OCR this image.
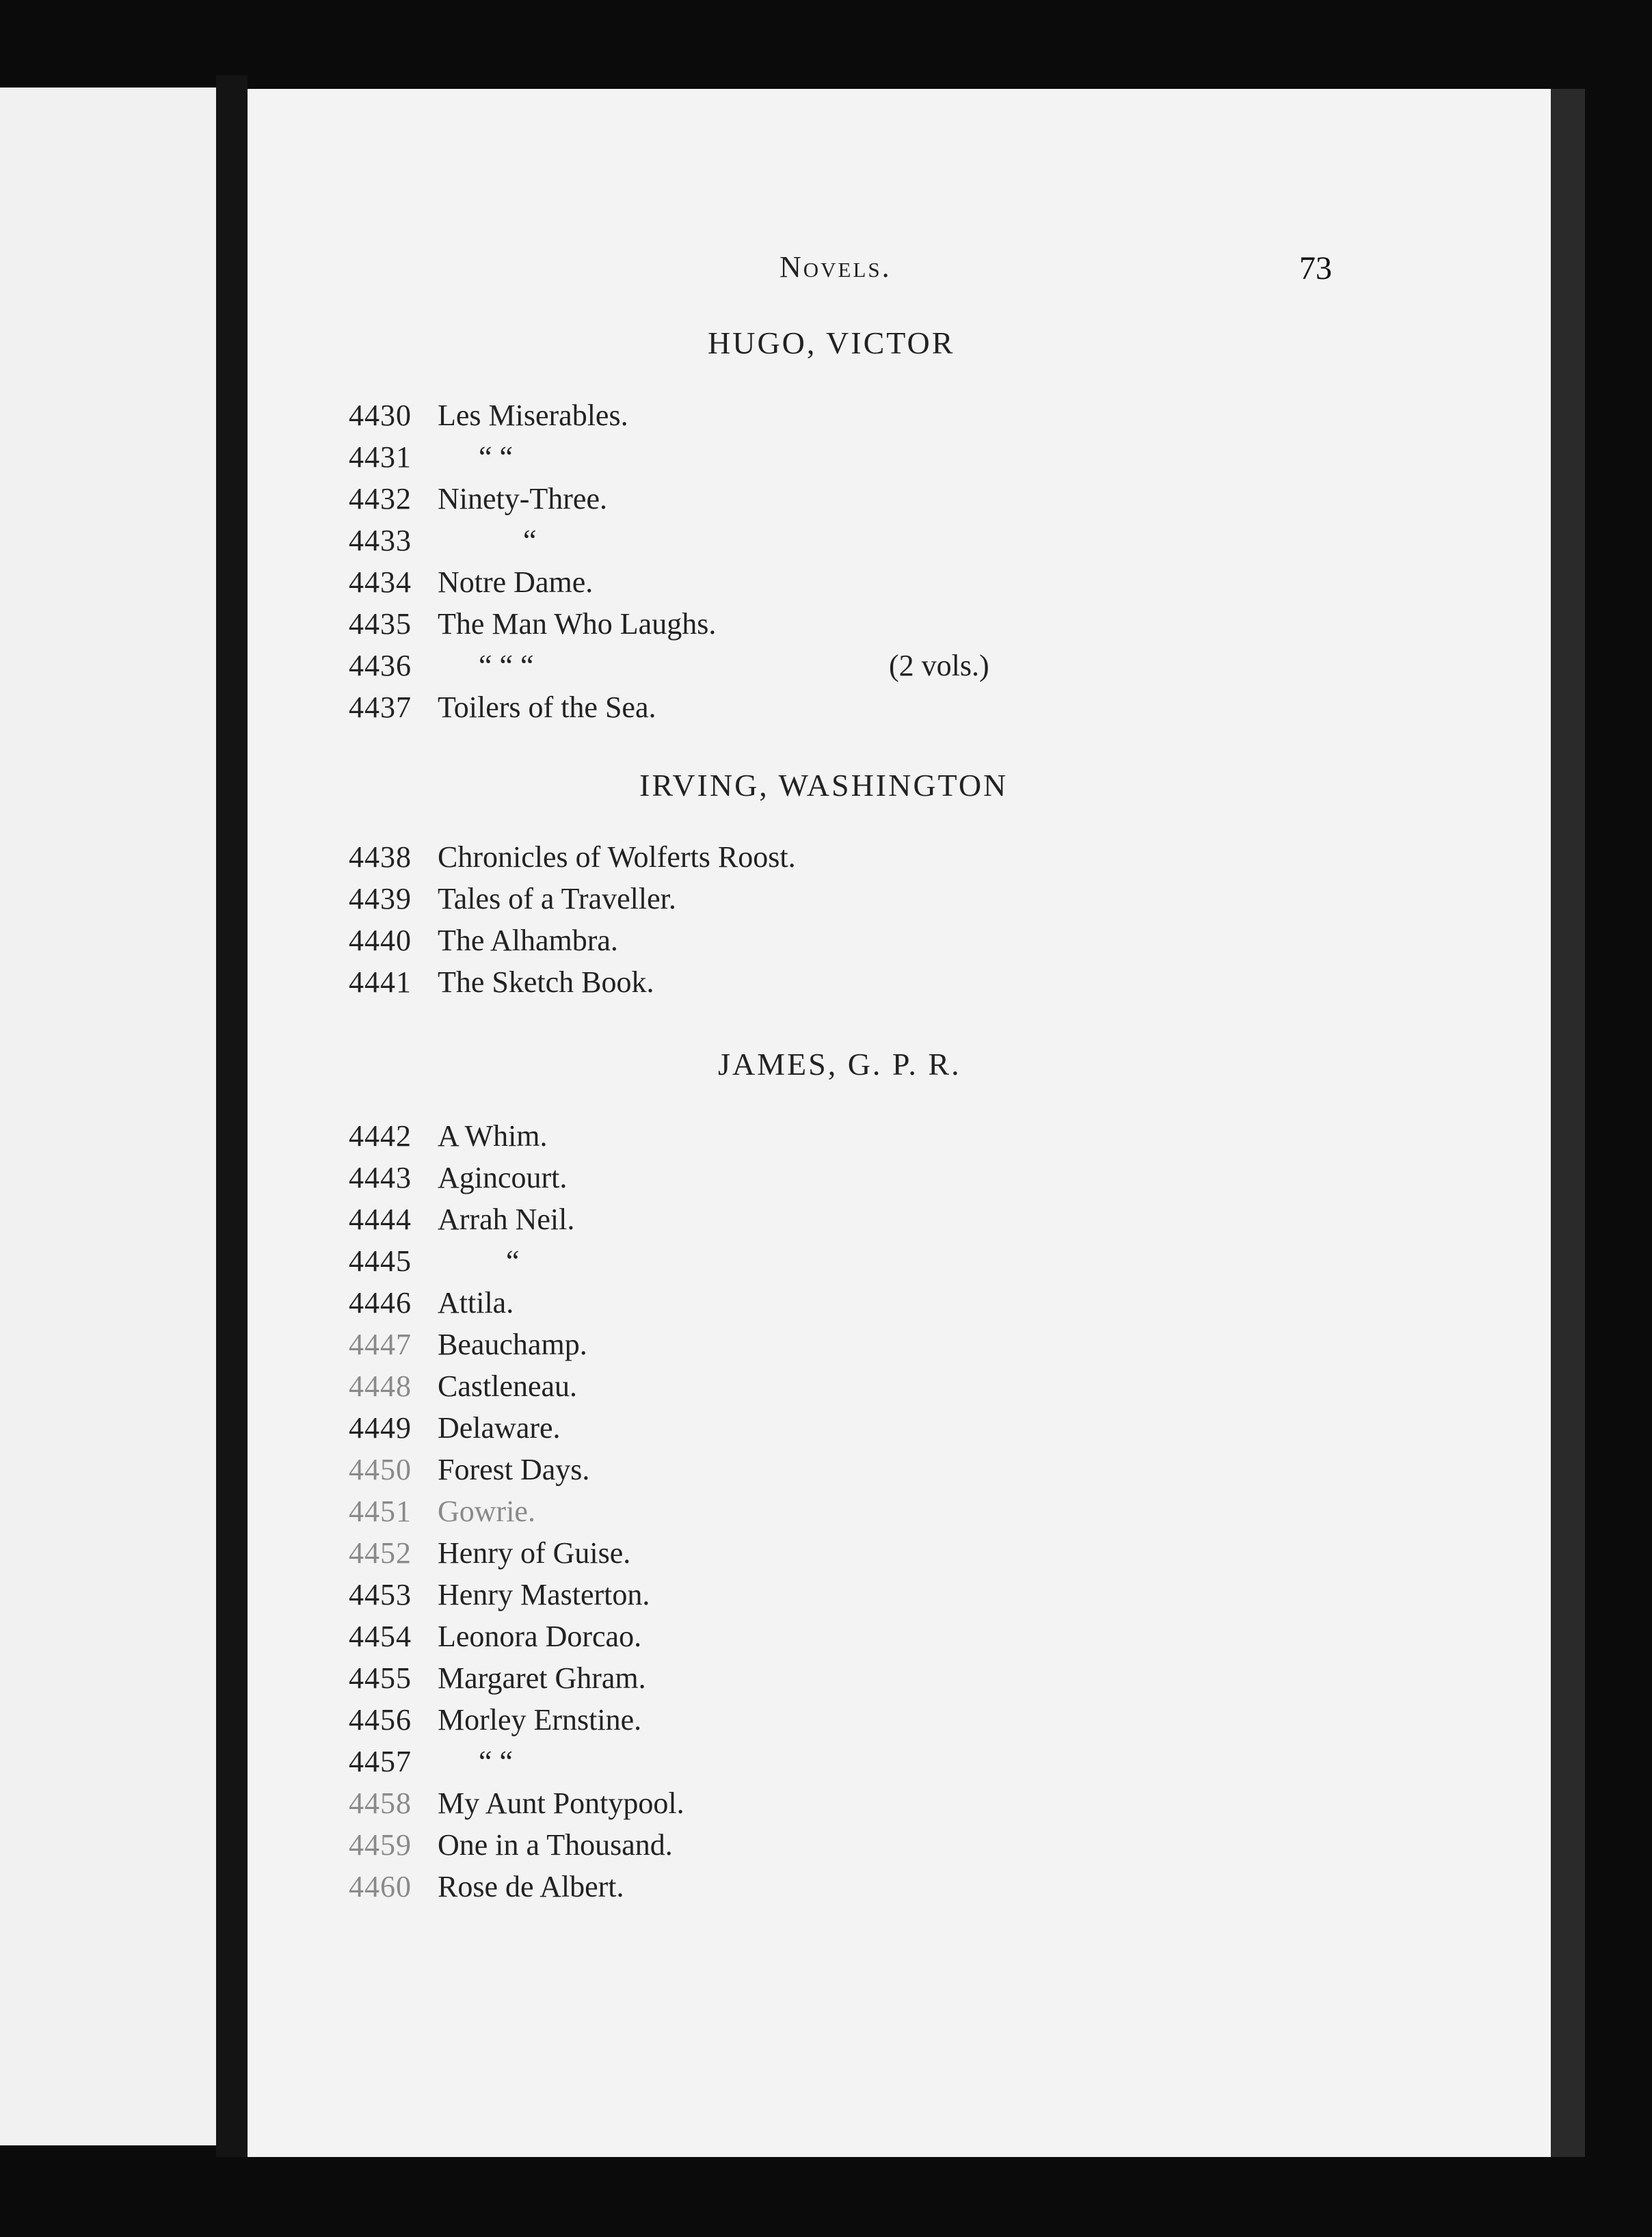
Novels.	73
HUGO, VICTOR
4430 Les Miserables.
4431 “ “
4432 Ninety-Three.
4433	“
4434 Notre Dame.
4435 The Man Who Laughs.
4436 “ “ “	(2 vols.)
4437 Toilers of the Sea.
IRVING, WASHINGTON
4438 Chronicles of Wolferts Roost.
4439 Tales of a Traveller.
4440 The Alhambra.
4441 The Sketch Book.
JAMES, G. P. R.
4442 A Whim.
4443 Agincourt.
4444 Arrah Neil.
4445	“
4446 Attila.
4447 Beauchamp.
4448 Castleneau.
4449 Delaware.
4450 Forest Days.
4451 Gowrie.
4452 Henry of Guise.
4453 Henry Masterton.
4454 Leonora Dorcao.
4455 Margaret Ghram.
4456 Morley Ernstine.
4457 “ “
4458 My Aunt Pontypool.
4459 One in a Thousand.
4460 Rose de Albert.
